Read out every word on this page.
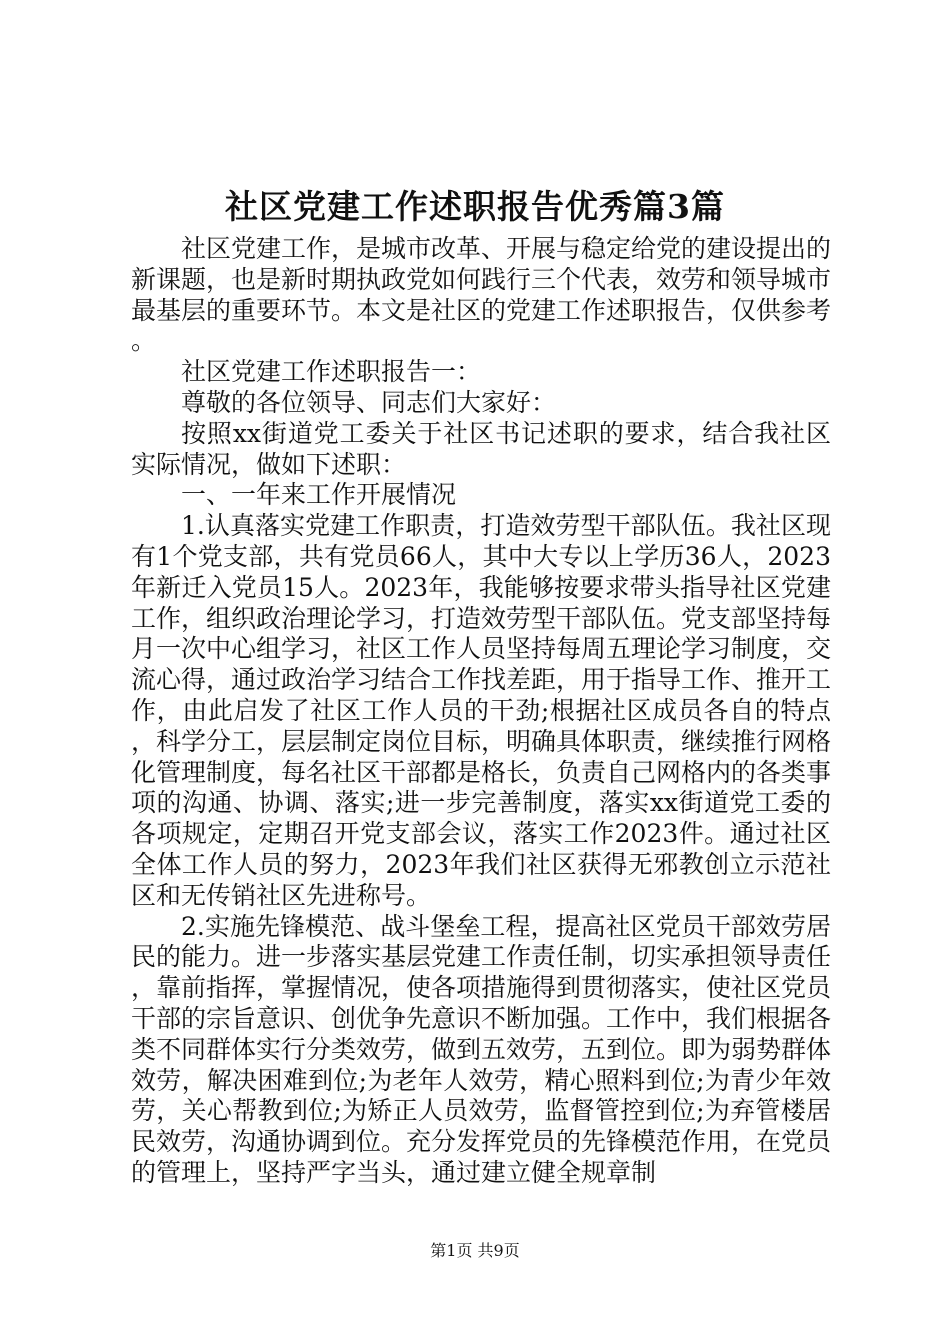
社区党建工作述职报告优秀篇3篇

社区党建工作，是城市改革、开展与稳定给党的建设提出的新课题，也是新时期执政党如何践行三个代表，效劳和领导城市最基层的重要环节。本文是社区的党建工作述职报告，仅供参考。

社区党建工作述职报告一：

尊敬的各位领导、同志们大家好：

按照xx街道党工委关于社区书记述职的要求，结合我社区实际情况，做如下述职：

一、一年来工作开展情况

1.认真落实党建工作职责，打造效劳型干部队伍。我社区现有1个党支部，共有党员66人，其中大专以上学历36人，2023年新迁入党员15人。2023年，我能够按要求带头指导社区党建工作，组织政治理论学习，打造效劳型干部队伍。党支部坚持每月一次中心组学习，社区工作人员坚持每周五理论学习制度，交流心得，通过政治学习结合工作找差距，用于指导工作、推开工作，由此启发了社区工作人员的干劲;根据社区成员各自的特点，科学分工，层层制定岗位目标，明确具体职责，继续推行网格化管理制度，每名社区干部都是格长，负责自己网格内的各类事项的沟通、协调、落实;进一步完善制度，落实xx街道党工委的各项规定，定期召开党支部会议，落实工作2023件。通过社区全体工作人员的努力，2023年我们社区获得无邪教创立示范社区和无传销社区先进称号。

2.实施先锋模范、战斗堡垒工程，提高社区党员干部效劳居民的能力。进一步落实基层党建工作责任制，切实承担领导责任，靠前指挥，掌握情况，使各项措施得到贯彻落实，使社区党员干部的宗旨意识、创优争先意识不断加强。工作中，我们根据各类不同群体实行分类效劳，做到五效劳，五到位。即为弱势群体效劳，解决困难到位;为老年人效劳，精心照料到位;为青少年效劳，关心帮教到位;为矫正人员效劳，监督管控到位;为弃管楼居民效劳，沟通协调到位。充分发挥党员的先锋模范作用，在党员的管理上，坚持严字当头，通过建立健全规章制

第1页 共9页
